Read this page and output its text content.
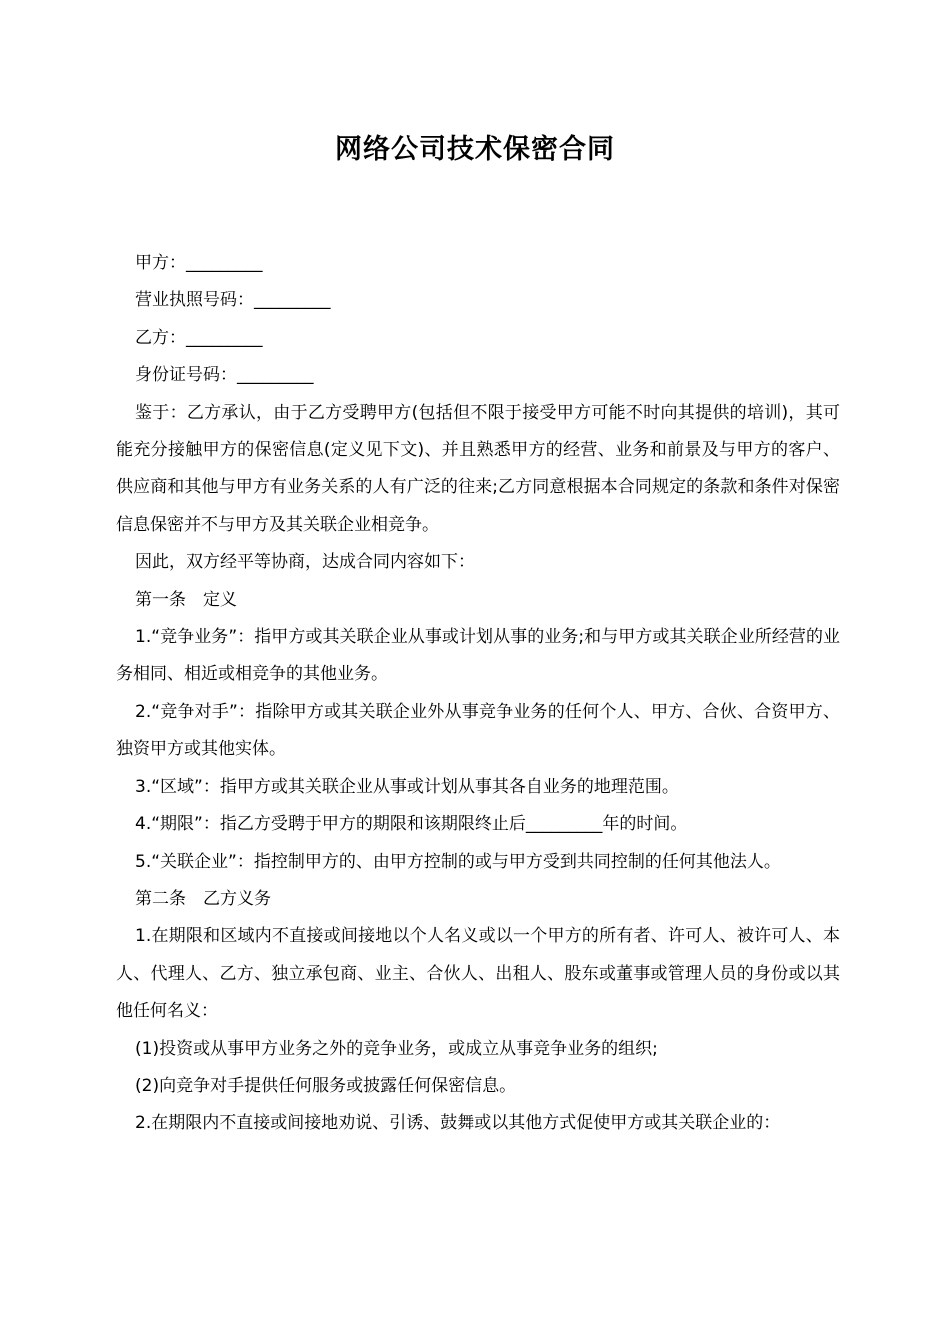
网络公司技术保密合同

甲方：_________

营业执照号码：_________

乙方：_________

身份证号码：_________

鉴于：乙方承认，由于乙方受聘甲方(包括但不限于接受甲方可能不时向其提供的培训)，其可能充分接触甲方的保密信息(定义见下文)、并且熟悉甲方的经营、业务和前景及与甲方的客户、供应商和其他与甲方有业务关系的人有广泛的往来;乙方同意根据本合同规定的条款和条件对保密信息保密并不与甲方及其关联企业相竞争。

因此，双方经平等协商，达成合同内容如下：

第一条　定义

1.“竞争业务”：指甲方或其关联企业从事或计划从事的业务;和与甲方或其关联企业所经营的业务相同、相近或相竞争的其他业务。

2.“竞争对手”：指除甲方或其关联企业外从事竞争业务的任何个人、甲方、合伙、合资甲方、独资甲方或其他实体。

3.“区域”：指甲方或其关联企业从事或计划从事其各自业务的地理范围。

4.“期限”：指乙方受聘于甲方的期限和该期限终止后_________年的时间。

5.“关联企业”：指控制甲方的、由甲方控制的或与甲方受到共同控制的任何其他法人。

第二条　乙方义务

1.在期限和区域内不直接或间接地以个人名义或以一个甲方的所有者、许可人、被许可人、本人、代理人、乙方、独立承包商、业主、合伙人、出租人、股东或董事或管理人员的身份或以其他任何名义：

(1)投资或从事甲方业务之外的竞争业务，或成立从事竞争业务的组织;

(2)向竞争对手提供任何服务或披露任何保密信息。

2.在期限内不直接或间接地劝说、引诱、鼓舞或以其他方式促使甲方或其关联企业的：
